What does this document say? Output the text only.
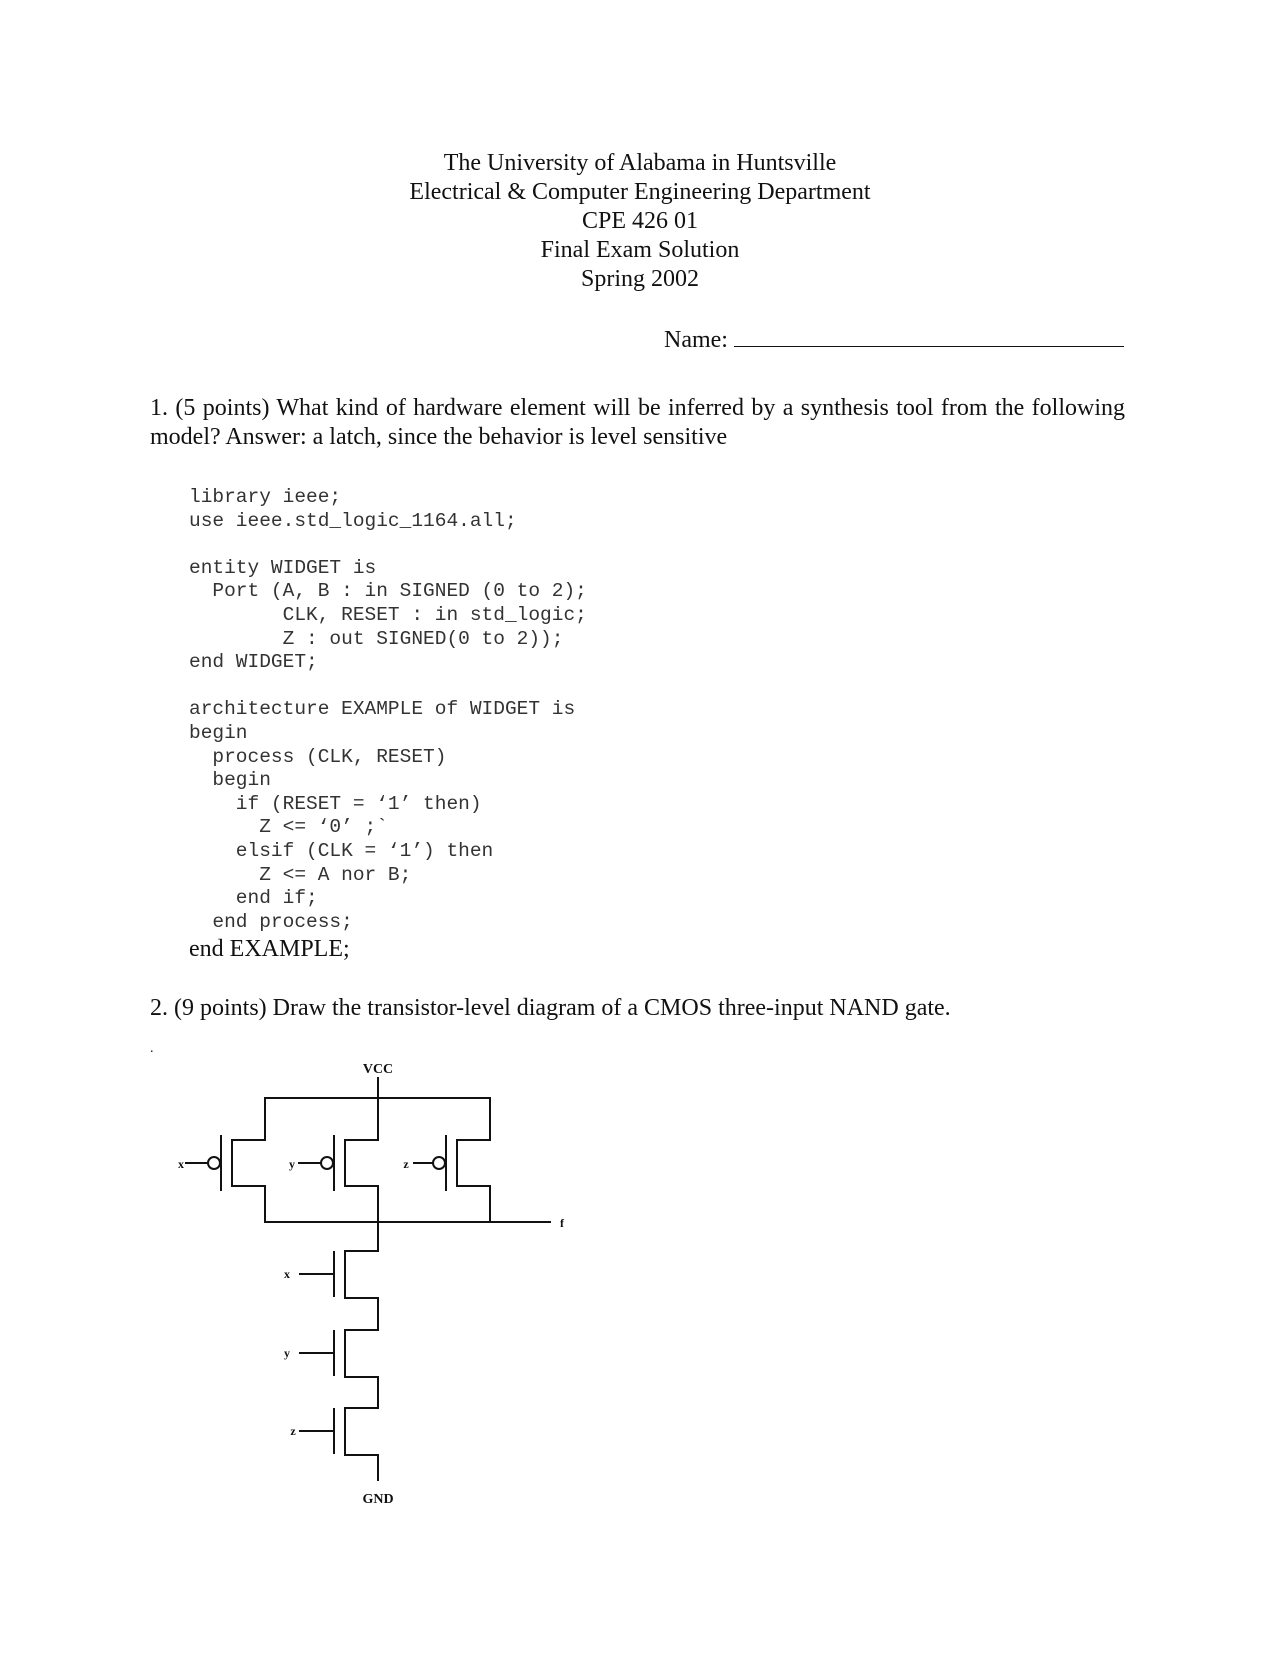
The University of Alabama in Huntsville
Electrical & Computer Engineering Department
CPE 426 01
Final Exam Solution
Spring 2002
Name:
1. (5 points) What kind of hardware element will be inferred by a synthesis tool from the following model? Answer: a latch, since the behavior is level sensitive
library ieee;
use ieee.std_logic_1164.all;

entity WIDGET is
Port (A, B : in SIGNED (0 to 2);
CLK, RESET : in std_logic;
Z : out SIGNED(0 to 2));
end WIDGET;

architecture EXAMPLE of WIDGET is
begin
process (CLK, RESET)
begin
if (RESET = ‘1’ then)
Z <= ‘0’ ;`
elsif (CLK = ‘1’) then
Z <= A nor B;
end if;
end process;
end EXAMPLE;
2. (9 points) Draw the transistor-level diagram of a CMOS three-input NAND gate.
.
VCC
GND
f
x	y	z
x
y
z
